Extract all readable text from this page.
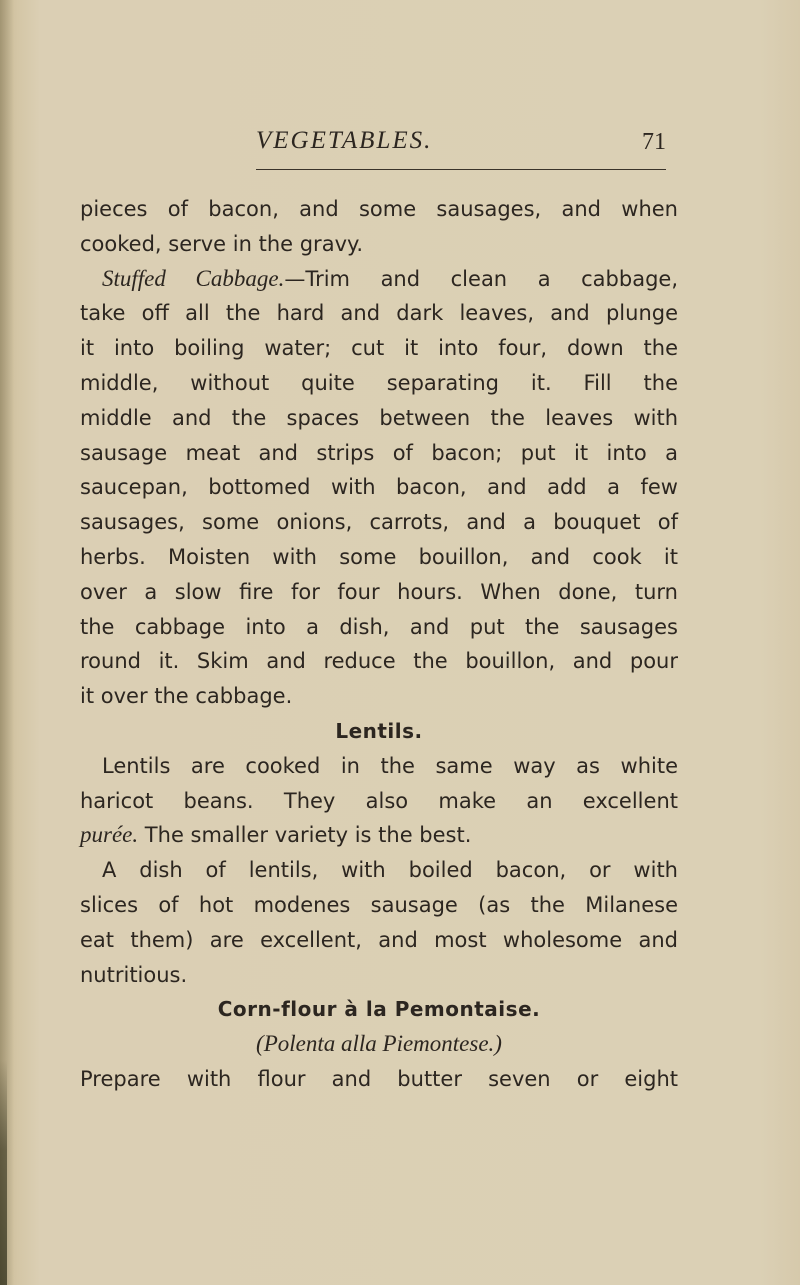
VEGETABLES.	71
pieces of bacon, and some sausages, and when
cooked, serve in the gravy.
Stuffed Cabbage.—Trim and clean a cabbage,
take off all the hard and dark leaves, and plunge
it into boiling water; cut it into four, down the
middle, without quite separating it. Fill the
middle and the spaces between the leaves with
sausage meat and strips of bacon; put it into a
saucepan, bottomed with bacon, and add a few
sausages, some onions, carrots, and a bouquet of
herbs. Moisten with some bouillon, and cook it
over a slow fire for four hours. When done, turn
the cabbage into a dish, and put the sausages
round it. Skim and reduce the bouillon, and pour
it over the cabbage.
Lentils.
Lentils are cooked in the same way as white
haricot beans. They also make an excellent
purée. The smaller variety is the best.
A dish of lentils, with boiled bacon, or with
slices of hot modenes sausage (as the Milanese
eat them) are excellent, and most wholesome and
nutritious.
Corn-flour à la Pemontaise.
(Polenta alla Piemontese.)
Prepare with flour and butter seven or eight
